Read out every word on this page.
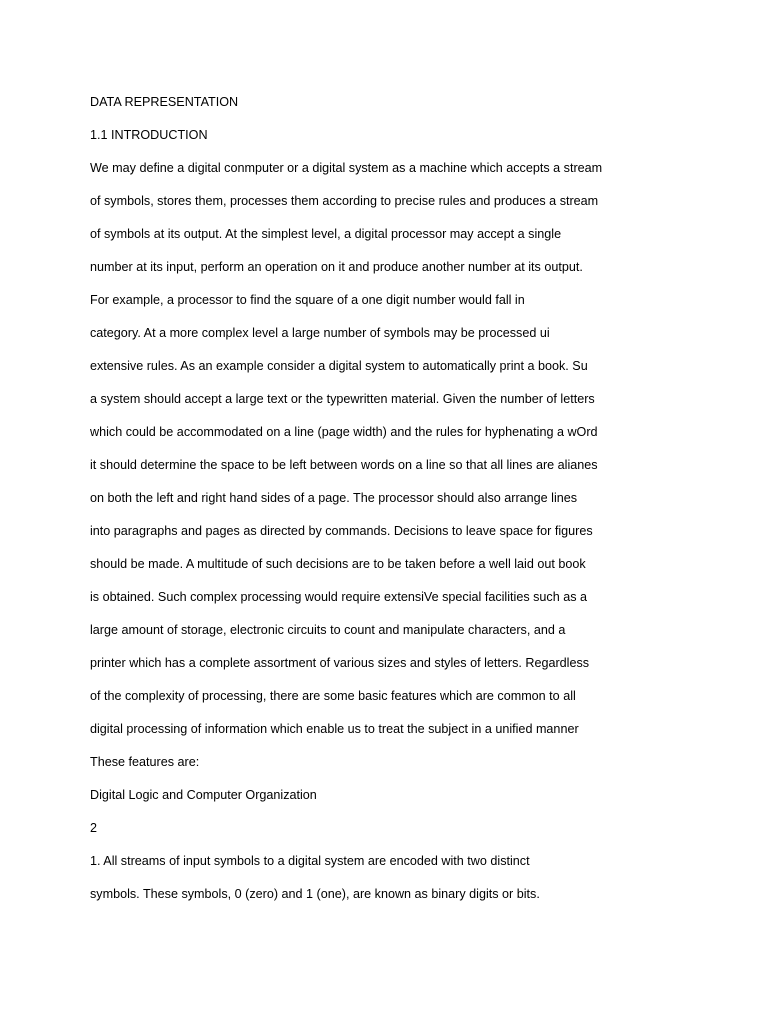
DATA REPRESENTATION
1.1 INTRODUCTION
We may define a digital conmputer or a digital system as a machine which accepts a stream
of symbols, stores them, processes them according to precise rules and produces a stream
of symbols at its output. At the simplest level, a digital processor may accept a single
number at its input, perform an operation on it and produce another number at its output.
For example, a processor to find the square of a one digit number would fall in
category. At a more complex level a large number of symbols may be processed ui
extensive rules. As an example consider a digital system to automatically print a book. Su
a system should accept a large text or the typewritten material. Given the number of letters
which could be accommodated on a line (page width) and the rules for hyphenating a wOrd
it should determine the space to be left between words on a line so that all lines are alianes
on both the left and right hand sides of a page. The processor should also arrange lines
into paragraphs and pages as directed by commands. Decisions to leave space for figures
should be made. A multitude of such decisions are to be taken before a well laid out book
is obtained. Such complex processing would require extensiVe special facilities such as a
large amount of storage, electronic circuits to count and manipulate characters, and a
printer which has a complete assortment of various sizes and styles of letters. Regardless
of the complexity of processing, there are some basic features which are common to all
digital processing of information which enable us to treat the subject in a unified manner
These features are:
Digital Logic and Computer Organization
2
1. All streams of input symbols to a digital system are encoded with two distinct
symbols. These symbols, 0 (zero) and 1 (one), are known as binary digits or bits.
